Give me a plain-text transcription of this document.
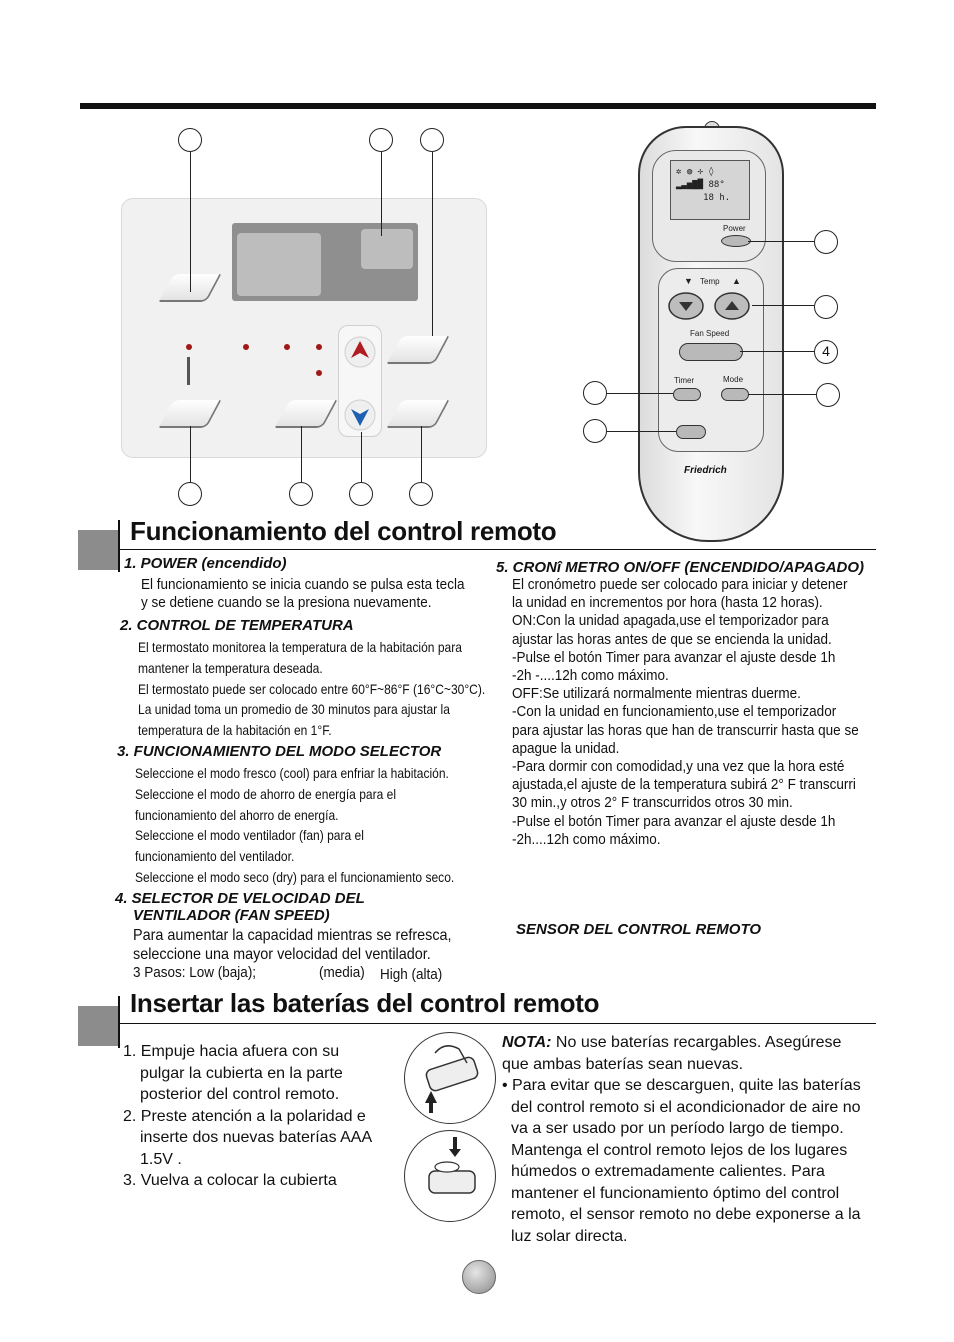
✲ ◍ ✢ ◊
▂▃▅▇█ 88°
18 h.
Power
▼ Temp ▲
Fan Speed
Timer	Mode
Friedrich
4
Funcionamiento del control remoto
1. POWER (encendido)
El funcionamiento se inicia cuando se pulsa esta tecla
y se detiene cuando se la presiona nuevamente.
2. CONTROL DE TEMPERATURA
El termostato monitorea la temperatura de la habitación para
mantener la temperatura deseada.
El termostato puede ser colocado entre 60°F~86°F (16°C~30°C).
La unidad toma un promedio de 30 minutos para ajustar la
temperatura de la habitación en 1°F.
3. FUNCIONAMIENTO DEL MODO SELECTOR
Seleccione el modo fresco (cool) para enfriar la habitación.
Seleccione el modo de ahorro de energía para el
funcionamiento del ahorro de energía.
Seleccione el modo ventilador (fan) para el
funcionamiento del ventilador.
Seleccione el modo seco (dry) para el funcionamiento seco.
4. SELECTOR DE VELOCIDAD DEL
VENTILADOR (FAN SPEED)
Para aumentar la capacidad mientras se refresca,
seleccione una mayor velocidad del ventilador.
3 Pasos: Low (baja);	(media) High (alta)
5. CRONî METRO ON/OFF (ENCENDIDO/APAGADO)
El cronómetro puede ser colocado para iniciar y detener
la unidad en incrementos por hora (hasta 12 horas).
ON:Con la unidad apagada,use el temporizador para
ajustar las horas antes de que se encienda la unidad.
-Pulse el botón Timer para avanzar el ajuste desde 1h
-2h -....12h como máximo.
OFF:Se utilizará normalmente mientras duerme.
-Con la unidad en funcionamiento,use el temporizador
para ajustar las horas que han de transcurrir hasta que se
apague la unidad.
-Para dormir con comodidad,y una vez que la hora esté
ajustada,el ajuste de la temperatura subirá 2° F transcurri
30 min.,y otros 2° F transcurridos otros 30 min.
-Pulse el botón Timer para avanzar el ajuste desde 1h
-2h....12h como máximo.
SENSOR DEL CONTROL REMOTO
Insertar las baterías del control remoto
1. Empuje hacia afuera con su
pulgar la cubierta en la parte
posterior del control remoto.
2. Preste atención a la polaridad e
inserte dos nuevas baterías AAA
1.5V .
3. Vuelva a colocar la cubierta
NOTA: No use baterías recargables. Asegúrese
que ambas baterías sean nuevas.
• Para evitar que se descarguen, quite las baterías
del control remoto si el acondicionador de aire no
va a ser usado por un período largo de tiempo.
Mantenga el control remoto lejos de los lugares
húmedos o extremadamente calientes. Para
mantener el funcionamiento óptimo del control
remoto, el sensor remoto no debe exponerse a la
luz solar directa.
